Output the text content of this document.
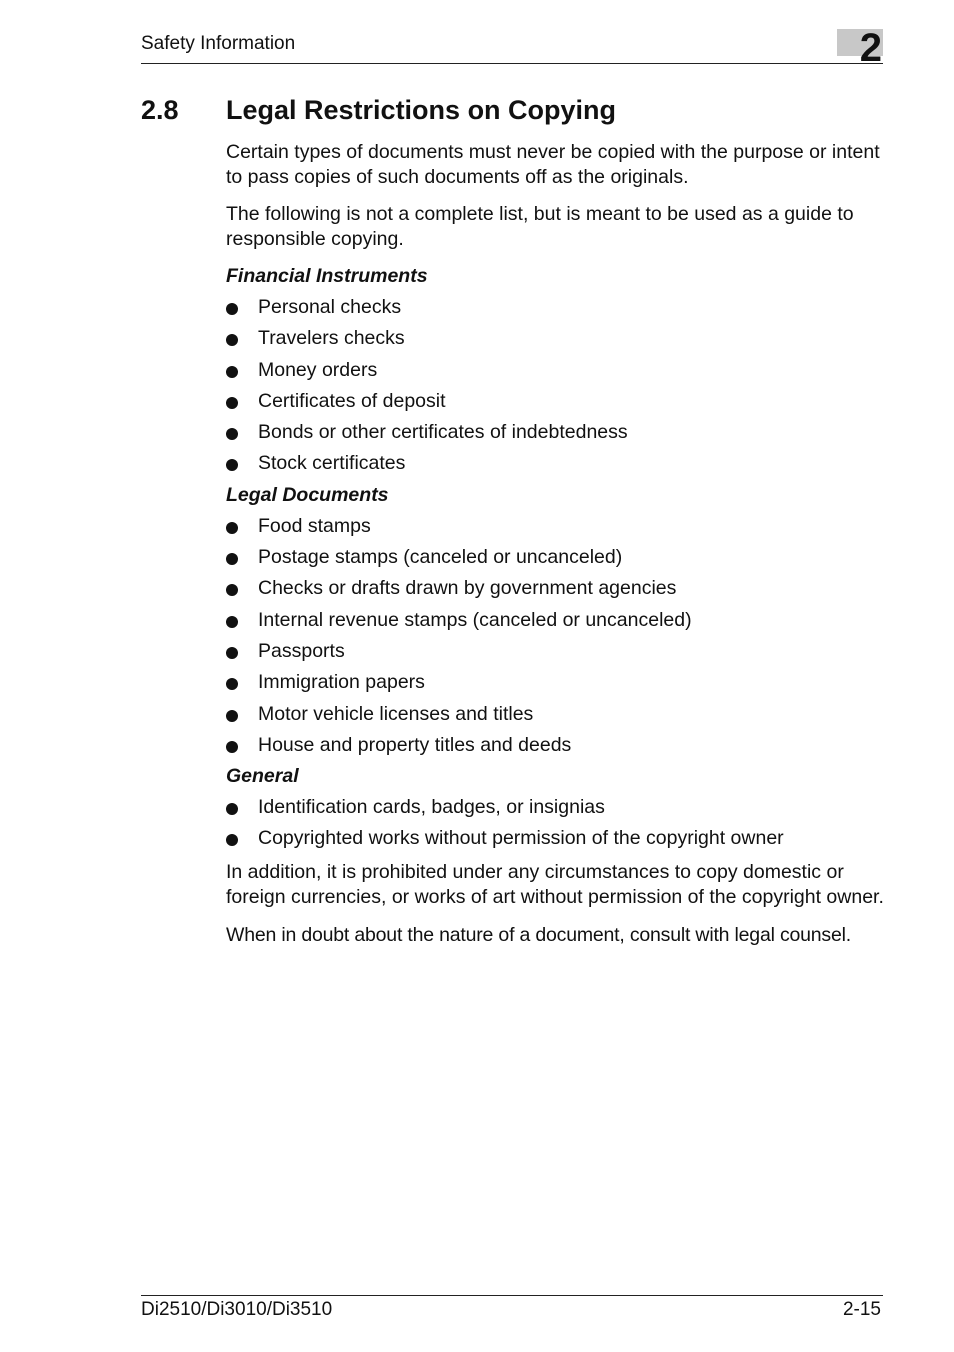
Safety Information	2
2.8 Legal Restrictions on Copying

Certain types of documents must never be copied with the purpose or intent to pass copies of such documents off as the originals.

The following is not a complete list, but is meant to be used as a guide to responsible copying.

Financial Instruments
Personal checks
Travelers checks
Money orders
Certificates of deposit
Bonds or other certificates of indebtedness
Stock certificates
Legal Documents
Food stamps
Postage stamps (canceled or uncanceled)
Checks or drafts drawn by government agencies
Internal revenue stamps (canceled or uncanceled)
Passports
Immigration papers
Motor vehicle licenses and titles
House and property titles and deeds
General
Identification cards, badges, or insignias
Copyrighted works without permission of the copyright owner

In addition, it is prohibited under any circumstances to copy domestic or foreign currencies, or works of art without permission of the copyright owner.

When in doubt about the nature of a document, consult with legal counsel.

Di2510/Di3010/Di3510	2-15
